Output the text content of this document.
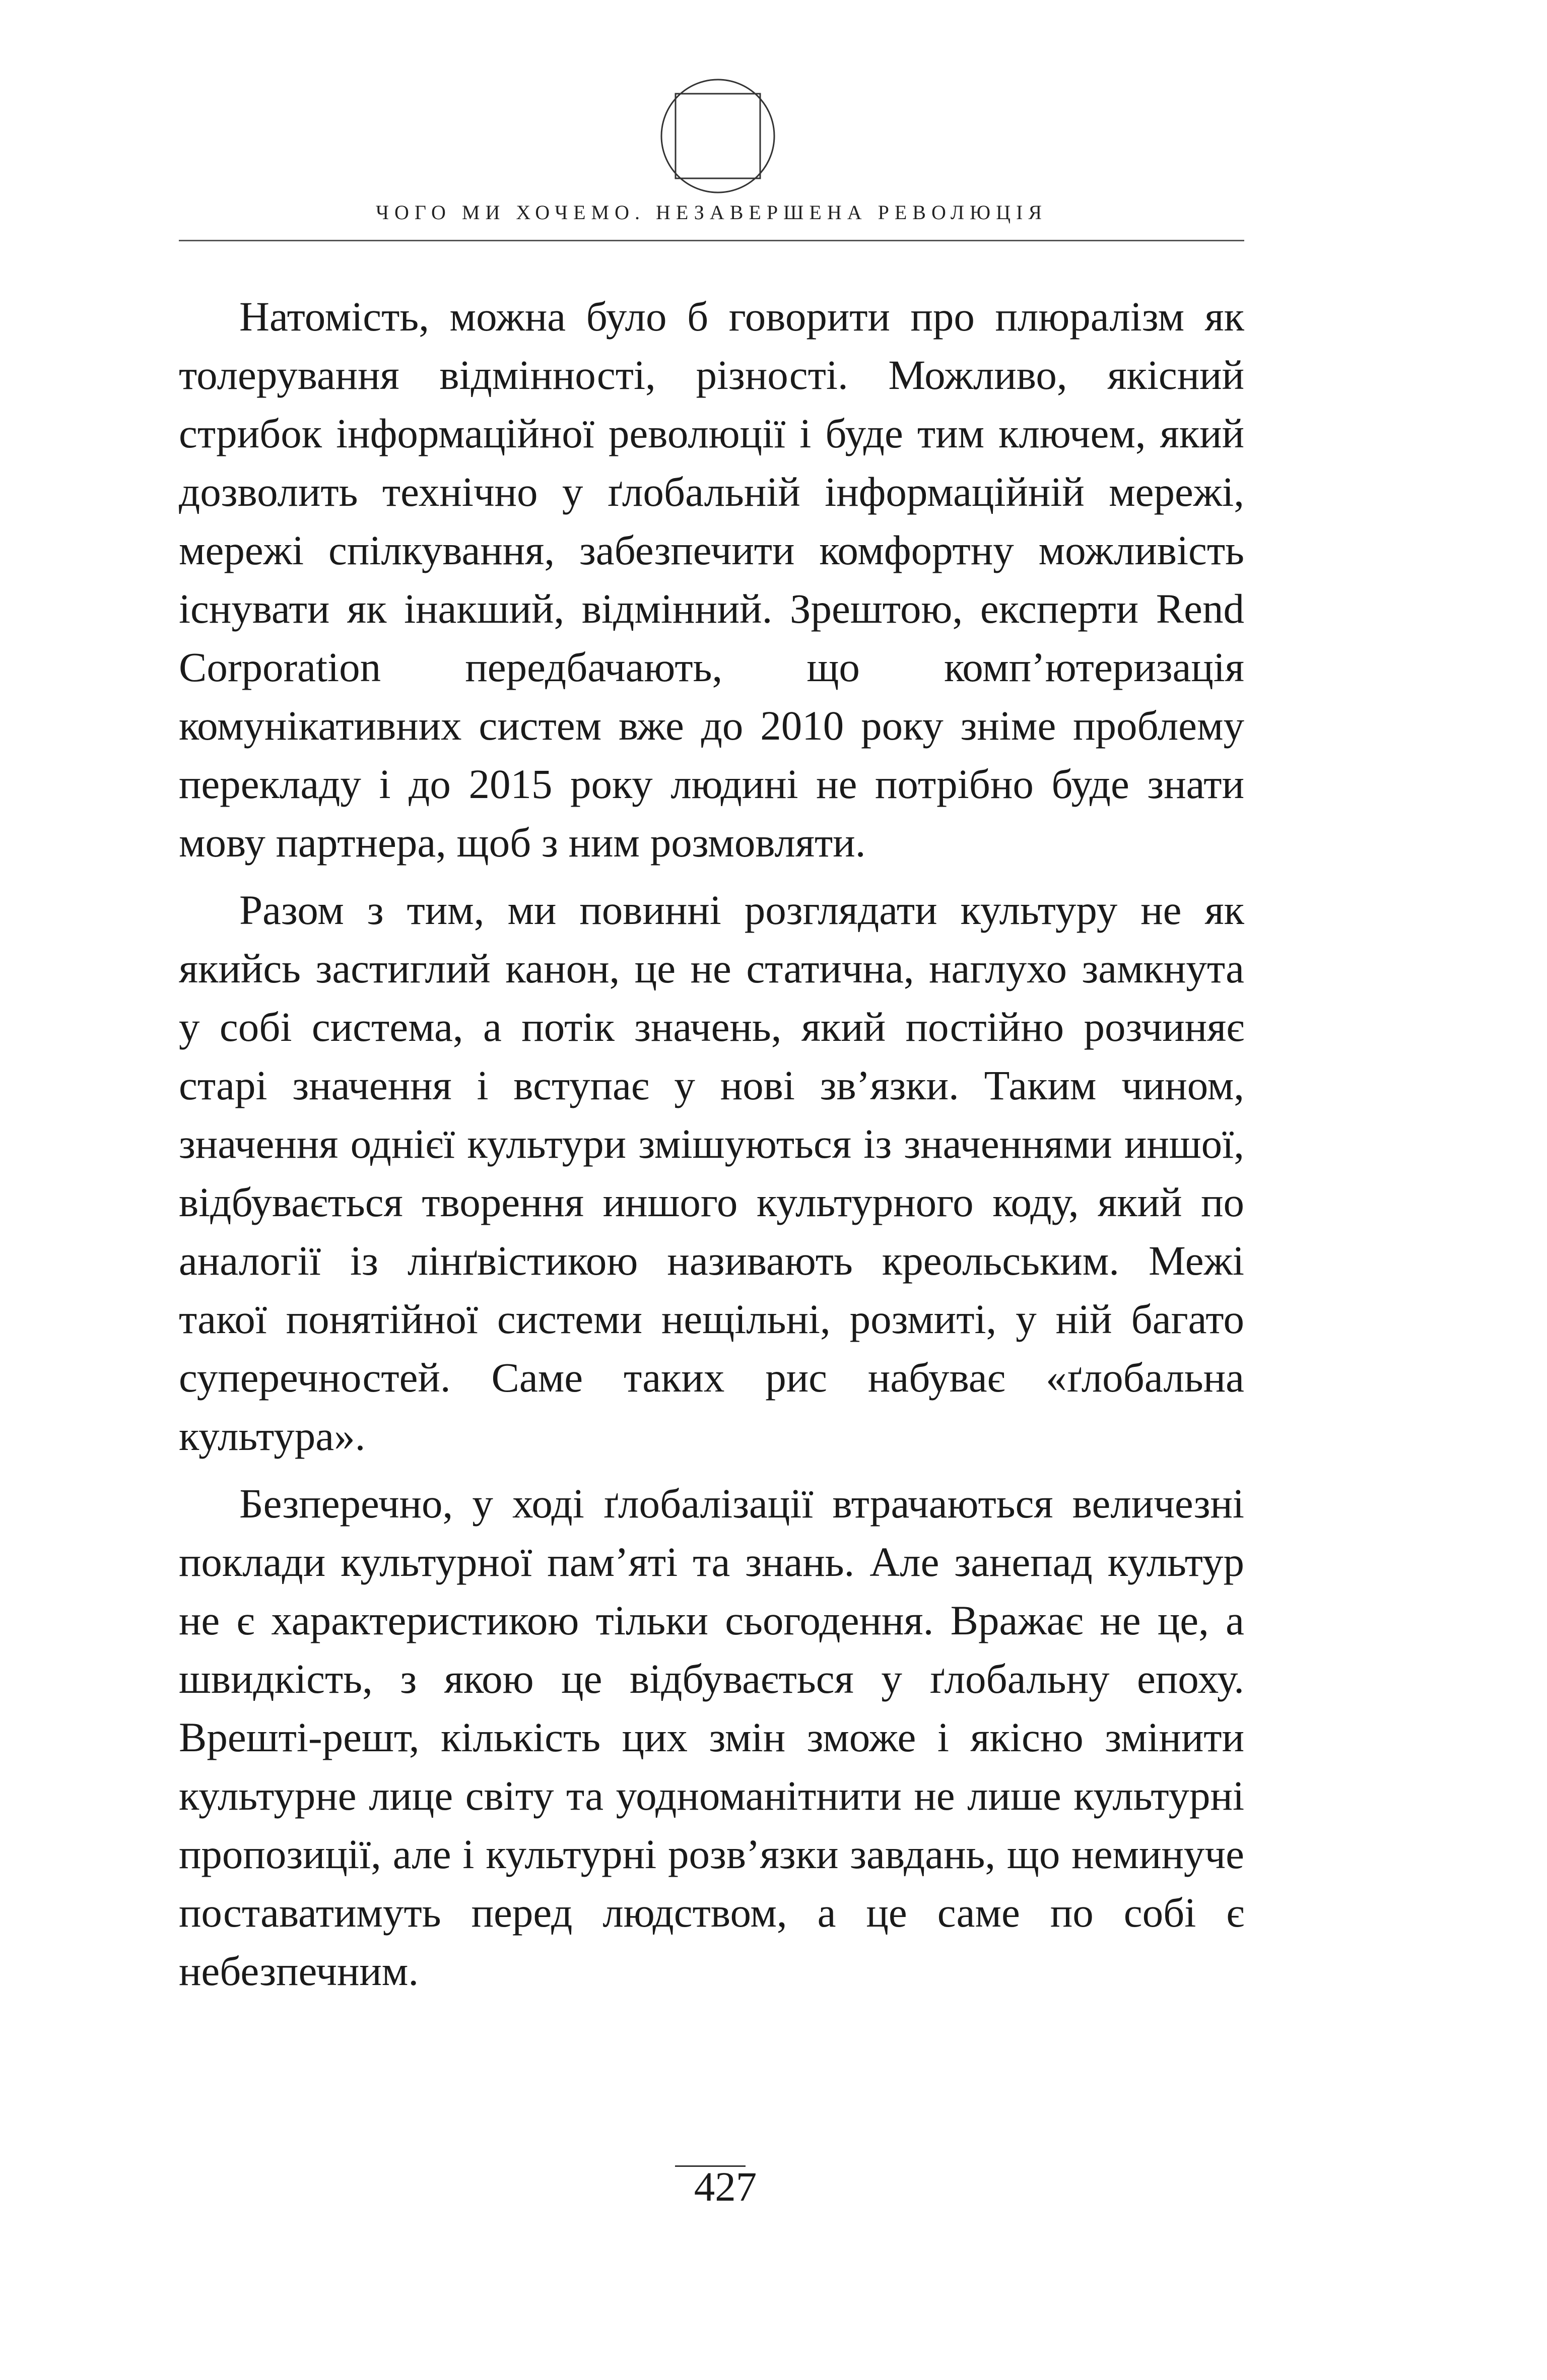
ЧОГО МИ ХОЧЕМО. НЕЗАВЕРШЕНА РЕВОЛЮЦІЯ

Натомість, можна було б говорити про плюралізм як толерування відмінності, різності. Можливо, якісний стрибок інформаційної революції і буде тим ключем, який дозволить технічно у ґлобальній інформаційній мережі, мережі спілкування, забезпечити комфортну можливість існувати як інакший, відмінний. Зрештою, експерти Rend Corporation передбачають, що комп’ютеризація комунікативних систем вже до 2010 року зніме проблему перекладу і до 2015 року людині не потрібно буде знати мову партнера, щоб з ним розмовляти.

Разом з тим, ми повинні розглядати культуру не як якийсь застиглий канон, це не статична, наглухо замкнута у собі система, а потік значень, який постійно розчиняє старі значення і вступає у нові зв’язки. Таким чином, значення однієї культури змішуються із значеннями иншої, відбувається творення иншого культурного коду, який по аналогії із лінґвістикою називають креольським. Межі такої понятійної системи нещільні, розмиті, у ній багато суперечностей. Саме таких рис набуває «ґлобальна культура».

Безперечно, у ході ґлобалізації втрачаються величезні поклади культурної пам’яті та знань. Але занепад культур не є характеристикою тільки сьогодення. Вражає не це, а швидкість, з якою це відбувається у ґлобальну епоху. Врешті-решт, кількість цих змін зможе і якісно змінити культурне лице світу та уодноманітнити не лише культурні пропозиції, але і культурні розв’язки завдань, що неминуче поставатимуть перед людством, а це саме по собі є небезпечним.

427
